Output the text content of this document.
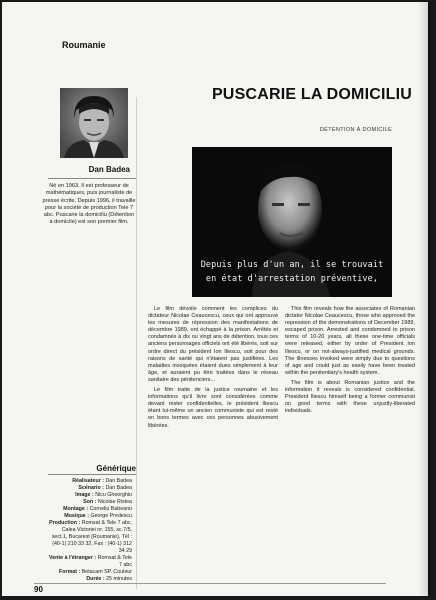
Roumanie
Dan Badea
Né en 1963. Il est professeur de mathématiques, puis journaliste de presse écrite. Depuis 1996, il travaille pour la société de production Tele 7 abc. Puscarie la domiciliu (Détention à domicile) est son premier film.
PUSCARIE LA DOMICILIU
DÉTENTION À DOMICILE
Depuis plus d'un an, il se trouvait
en état d'arrestation préventive,

Le film dévoile comment les complices du dictateur Nicolae Ceaucescu, ceux qui ont approuvé les mesures de répression des manifestations de décembre 1989, ont échappé à la prison. Arrêtés et condamnés à dix ou vingt ans de détention, tous ces anciens personnages officiels ont été libérés, soit sur ordre direct du président Ion Iliescu, soit pour des raisons de santé qui n'étaient pas justifiées. Les maladies invoquées étaient dues simplement à leur âge, et auraient pu être traitées dans le réseau sanitaire des pénitenciers...

Le film traite de la justice roumaine et les informations qu'il livre sont considérées comme devant rester confidentielles, le président Iliescu étant lui-même un ancien communiste qui est resté en bons termes avec ces personnes abusivement libérées.

This film reveals how the associates of Romanian dictator Nicolae Ceaucescu, those who approved the repression of the demonstrations of December 1989, escaped prison. Arrested and condemned to prison terms of 10-20 years, all these one-time officials were released, either by order of President Ion Iliescu, or on not-always-justified medical grounds. The illnesses invoked were simply due to questions of age and could just as easily have been treated within the penitentiary's health system.

The film is about Romanian justice and the information it reveals is considered confidential, President Iliescu himself being a former communist on good terms with these unjustly-liberated individuals.

Générique
Réalisateur : Dan Badea
Scénario : Dan Badea
Image : Nicu Gheorghiu
Son : Nicolae Ristea
Montage : Corneliu Babeanu
Musique : George Predescu
Production : Romsat & Tele 7 abc, Calea Victoriei nr. 155, sc.7/5, sect.1, Bucarest (Roumanie), Tél : (40-1) 210 33 32, Fax : (40-1) 312 34 29
Vente à l'étranger : Romsat & Tele 7 abc
Format : Betacam SP. Couleur
Durée : 25 minutes
90
